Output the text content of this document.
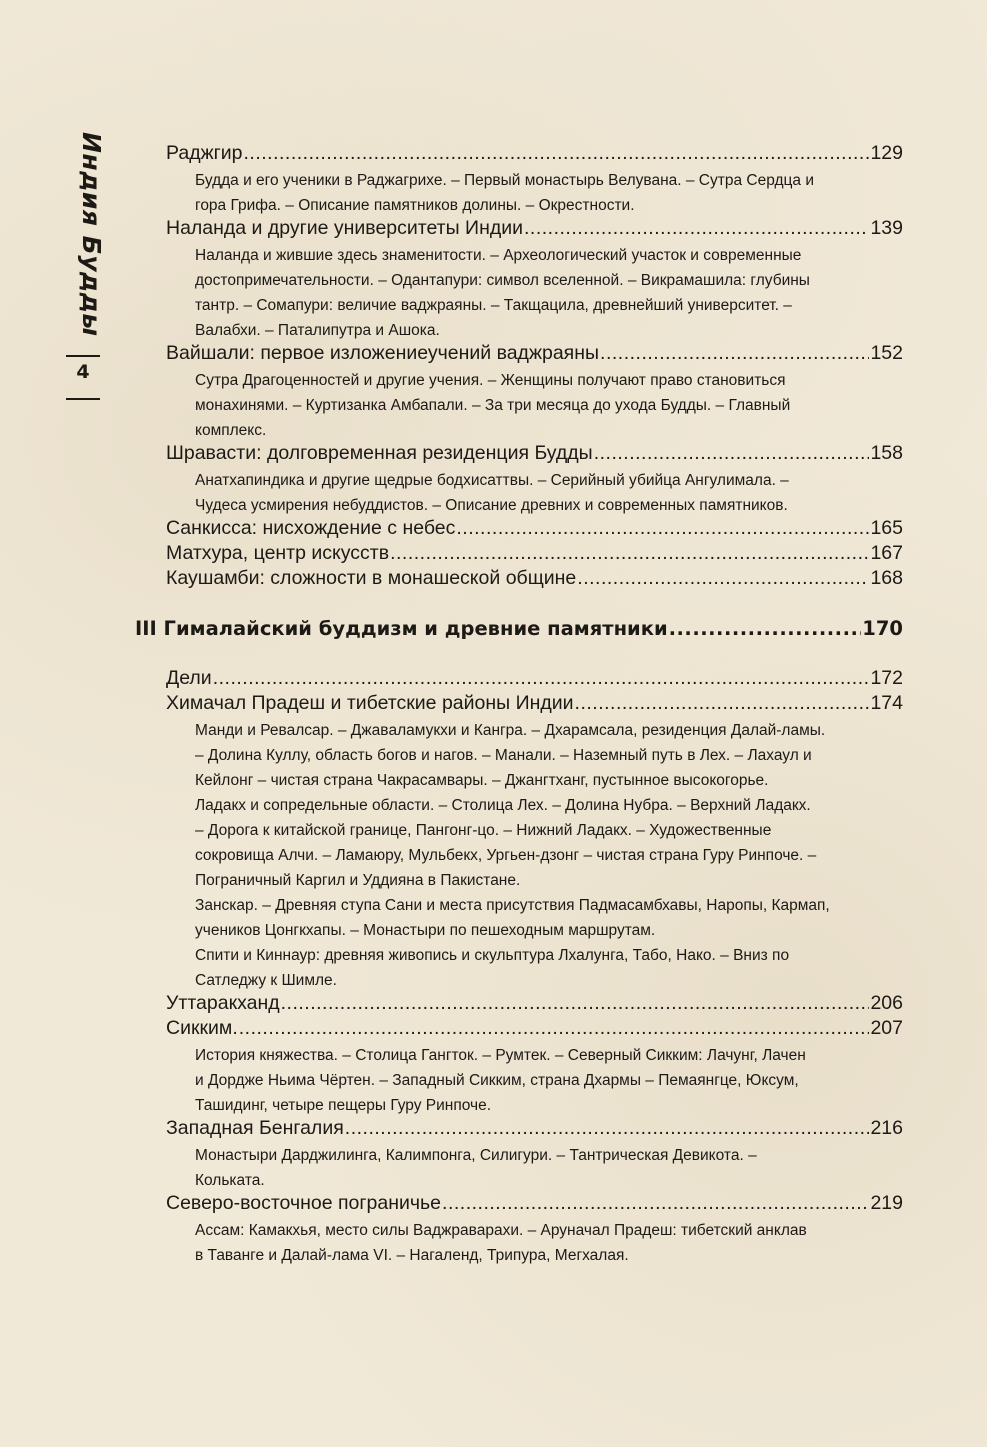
Индия Будды
4
Раджгир .....	129
Будда и его ученики в Раджагрихе. – Первый монастырь Велувана. – Сутра Сердца и
гора Грифа. – Описание памятников долины. – Окрестности.
Наланда и другие университеты Индии .....	139
Наланда и жившие здесь знаменитости. – Археологический участок и современные
достопримечательности. – Одантапури: символ вселенной. – Викрамашила: глубины
тантр. – Сомапури: величие ваджраяны. – Такщацила, древнейший университет. –
Валабхи. – Паталипутра и Ашока.
Вайшали: первое изложениеучений ваджраяны .....	152
Сутра Драгоценностей и другие учения. – Женщины получают право становиться
монахинями. – Куртизанка Амбапали. – За три месяца до ухода Будды. – Главный
комплекс.
Шравасти: долговременная резиденция Будды .....	158
Анатхапиндика и другие щедрые бодхисаттвы. – Серийный убийца Ангулимала. –
Чудеса усмирения небуддистов. – Описание древних и современных памятников.
Санкисса: нисхождение с небес .....	165
Матхура, центр искусств .....	167
Каушамби: сложности в монашеской общине .....	168
III Гималайский буддизм и древние памятники .....	170
Дели .....	172
Химачал Прадеш и тибетские районы Индии .....	174
Манди и Ревалсар. – Джавaламукхи и Кангра. – Дхарамсала, резиденция Далай-ламы.
– Долина Куллу, область богов и нагов. – Манали. – Наземный путь в Лех. – Лахаул и
Кейлонг – чистая страна Чакрасамвары. – Джангтханг, пустынное высокогорье.
Ладакх и сопредельные области. – Столица Лех. – Долина Нубра. – Верхний Ладакх.
– Дорога к китайской границе, Пангонг-цо. – Нижний Ладакх. – Художественные
сокровища Алчи. – Ламаюру, Мульбекх, Ургьен-дзонг – чистая страна Гуру Ринпоче. –
Пограничный Каргил и Уддияна в Пакистане.
Занскар. – Древняя ступа Сани и места присутствия Падмасамбхавы, Наропы, Кармап,
учеников Цонгкхапы. – Монастыри по пешеходным маршрутам.
Спити и Киннаур: древняя живопись и скульптура Лхалунга, Табо, Нако. – Вниз по
Сатледжу к Шимле.
Уттаракханд .....	206
Сикким. .....	207
История княжества. – Столица Гангток. – Румтек. – Северный Сикким: Лачунг, Лачен
и Дордже Ньима Чёртен. – Западный Сикким, страна Дхармы – Пемаянгце, Юксум,
Ташидинг, четыре пещеры Гуру Ринпоче.
Западная Бенгалия .....	216
Монастыри Дарджилинга, Калимпонга, Силигури. – Тантрическая Девикота. –
Кольката.
Северо-восточное пограничье .....	219
Ассам: Камакхья, место силы Ваджраварахи. – Аруначал Прадеш: тибетский анклав
в Таванге и Далай-лама VI. – Нагаленд, Трипура, Мегхалая.
